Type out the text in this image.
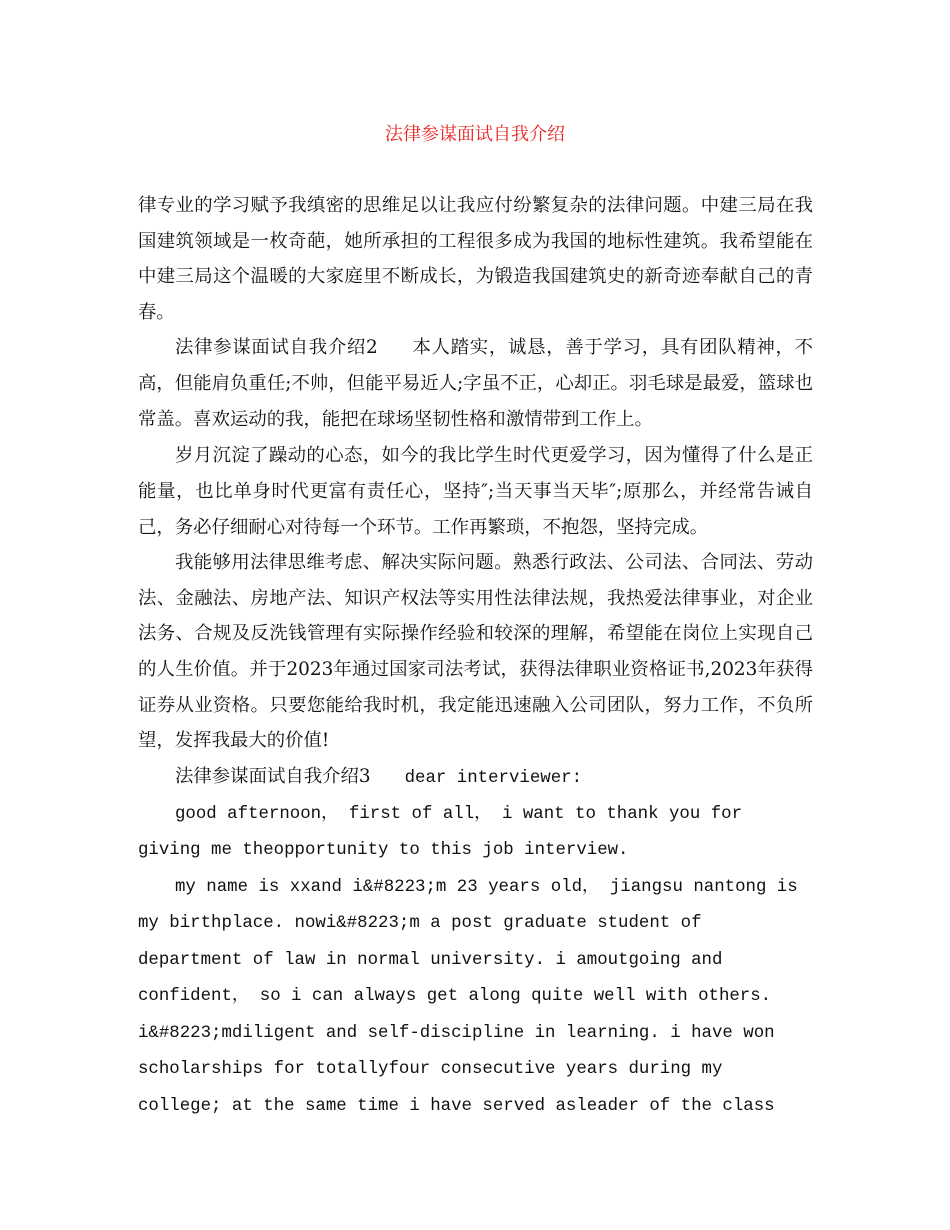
法律参谋面试自我介绍

律专业的学习赋予我缜密的思维足以让我应付纷繁复杂的法律问题。中建三局在我国建筑领域是一枚奇葩，她所承担的工程很多成为我国的地标性建筑。我希望能在中建三局这个温暖的大家庭里不断成长，为锻造我国建筑史的新奇迹奉献自己的青春。

法律参谋面试自我介绍2 本人踏实，诚恳，善于学习，具有团队精神，不高，但能肩负重任;不帅，但能平易近人;字虽不正，心却正。羽毛球是最爱，篮球也常盖。喜欢运动的我，能把在球场坚韧性格和激情带到工作上。

岁月沉淀了躁动的心态，如今的我比学生时代更爱学习，因为懂得了什么是正能量，也比单身时代更富有责任心，坚持″;当天事当天毕″;原那么，并经常告诫自己，务必仔细耐心对待每一个环节。工作再繁琐，不抱怨，坚持完成。

我能够用法律思维考虑、解决实际问题。熟悉行政法、公司法、合同法、劳动法、金融法、房地产法、知识产权法等实用性法律法规，我热爱法律事业，对企业法务、合规及反洗钱管理有实际操作经验和较深的理解，希望能在岗位上实现自己的人生价值。并于2023年通过国家司法考试，获得法律职业资格证书,2023年获得证券从业资格。只要您能给我时机，我定能迅速融入公司团队，努力工作，不负所望，发挥我最大的价值!

法律参谋面试自我介绍3 dear interviewer:

good afternoon， first of all， i want to thank you for giving me theopportunity to this job interview.

my name is xxand i&#8223;m 23 years old， jiangsu nantong is my birthplace. nowi&#8223;m a post graduate student of department of law in normal university. i amoutgoing and confident， so i can always get along quite well with others. i&#8223;mdiligent and self-discipline in learning. i have won scholarships for totallyfour consecutive years during my college; at the same time i have served asleader of the class
